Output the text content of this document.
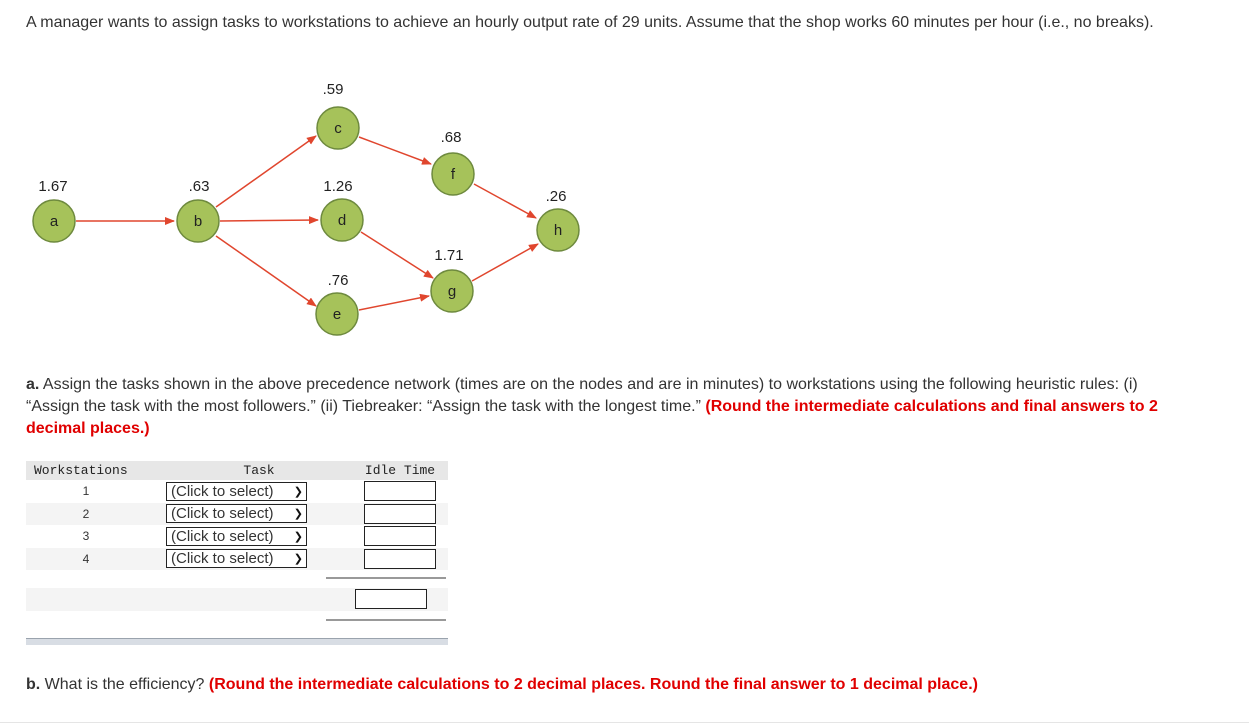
A manager wants to assign tasks to workstations to achieve an hourly output rate of 29 units. Assume that the shop works 60 minutes per hour (i.e., no breaks).
a
1.67
b
.63
c
.59
d
1.26
e
.76
f
.68
g
1.71
h
.26
a. Assign the tasks shown in the above precedence network (times are on the nodes and are in minutes) to workstations using the following heuristic rules: (i) “Assign the task with the most followers.” (ii) Tiebreaker: “Assign the task with the longest time.” (Round the intermediate calculations and final answers to 2 decimal places.)
Workstations	Task	Idle Time
1	(Click to select) ❯
2	(Click to select) ❯
3	(Click to select) ❯
4	(Click to select) ❯
b. What is the efficiency? (Round the intermediate calculations to 2 decimal places. Round the final answer to 1 decimal place.)
